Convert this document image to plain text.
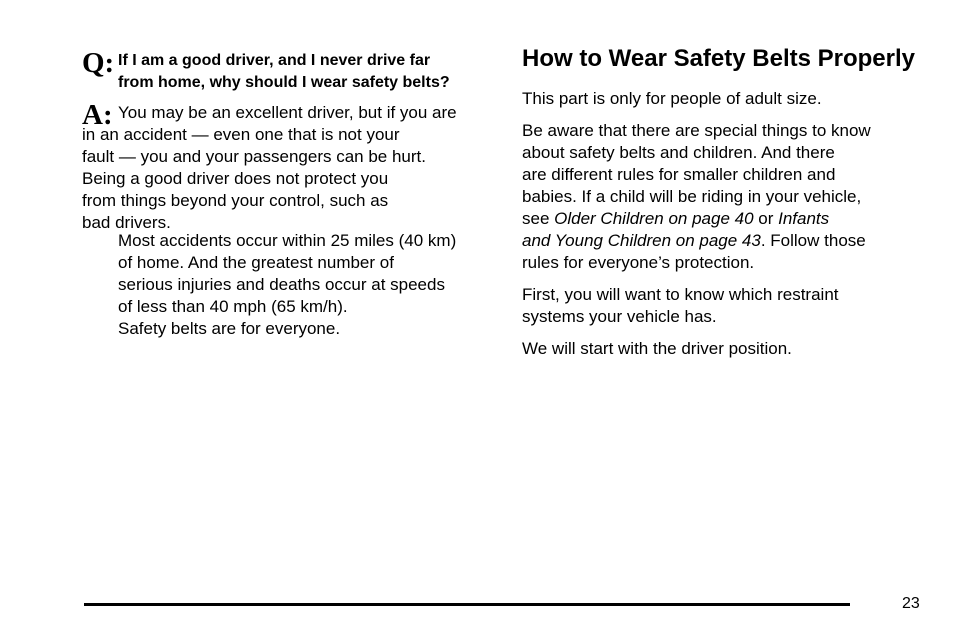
Q: If I am a good driver, and I never drive far
from home, why should I wear safety belts?
A: You may be an excellent driver, but if you are
in an accident — even one that is not your
fault — you and your passengers can be hurt.
Being a good driver does not protect you
from things beyond your control, such as
bad drivers.
Most accidents occur within 25 miles (40 km)
of home. And the greatest number of
serious injuries and deaths occur at speeds
of less than 40 mph (65 km/h).
Safety belts are for everyone.
How to Wear Safety Belts Properly

This part is only for people of adult size.

Be aware that there are special things to know
about safety belts and children. And there
are different rules for smaller children and
babies. If a child will be riding in your vehicle,
see Older Children on page 40 or Infants
and Young Children on page 43. Follow those
rules for everyone’s protection.

First, you will want to know which restraint
systems your vehicle has.

We will start with the driver position.

23
